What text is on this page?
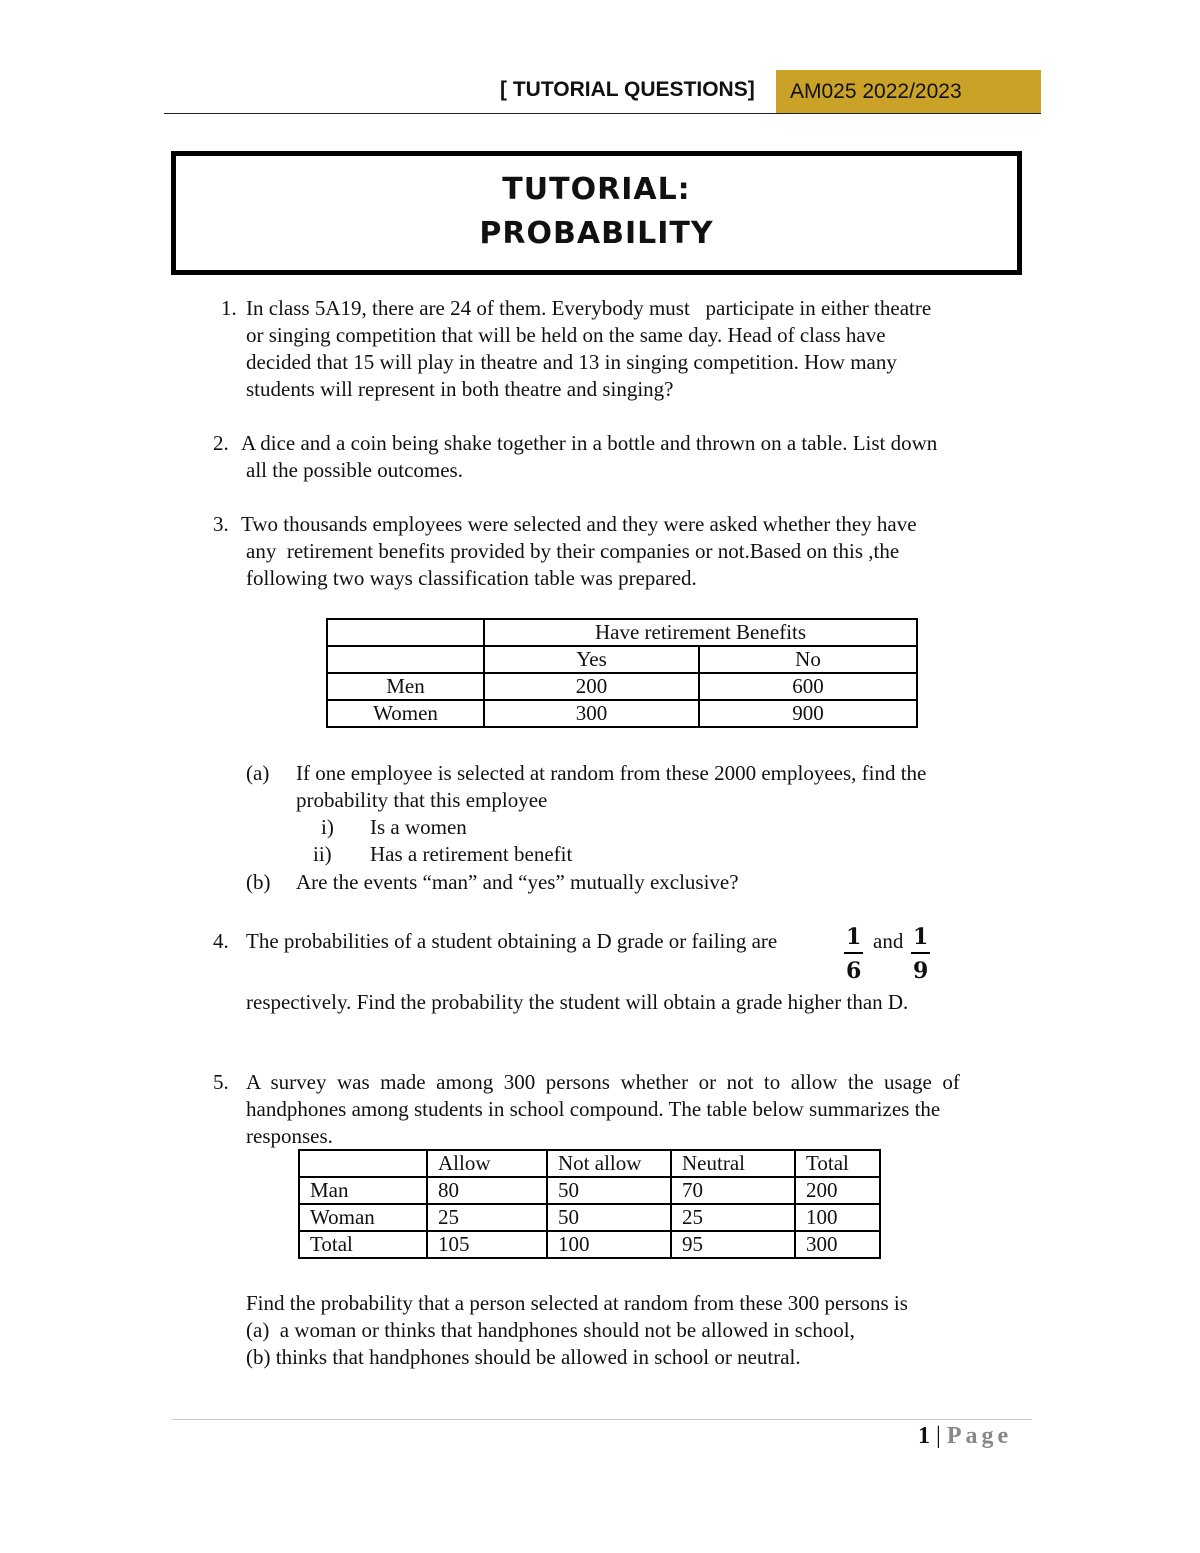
[ TUTORIAL QUESTIONS]	AM025 2022/2023
TUTORIAL:
PROBABILITY
1. In class 5A19, there are 24 of them. Everybody must   participate in either theatre
or singing competition that will be held on the same day. Head of class have
decided that 15 will play in theatre and 13 in singing competition. How many
students will represent in both theatre and singing?
2. A dice and a coin being shake together in a bottle and thrown on a table. List down
all the possible outcomes.
3. Two thousands employees were selected and they were asked whether they have
any  retirement benefits provided by their companies or not.Based on this ,the
following two ways classification table was prepared.
	Have retirement Benefits	
	Yes	No
Men	200	600
Women	300	900
(a) If one employee is selected at random from these 2000 employees, find the
probability that this employee
i) Is a women
ii) Has a retirement benefit
(b) Are the events “man” and “yes” mutually exclusive?
4. The probabilities of a student obtaining a D grade or failing are	$\frac{1}{6}$ and $\frac{1}{9}$
respectively. Find the probability the student will obtain a grade higher than D.
5. A  survey  was  made  among  300  persons  whether  or  not  to  allow  the  usage  of
handphones among students in school compound. The table below summarizes the
responses.
	Allow	Not allow	Neutral	Total
Man	80	50	70	200
Woman	25	50	25	100
Total	105	100	95	300
Find the probability that a person selected at random from these 300 persons is
(a)  a woman or thinks that handphones should not be allowed in school,
(b) thinks that handphones should be allowed in school or neutral.
1 | Page
